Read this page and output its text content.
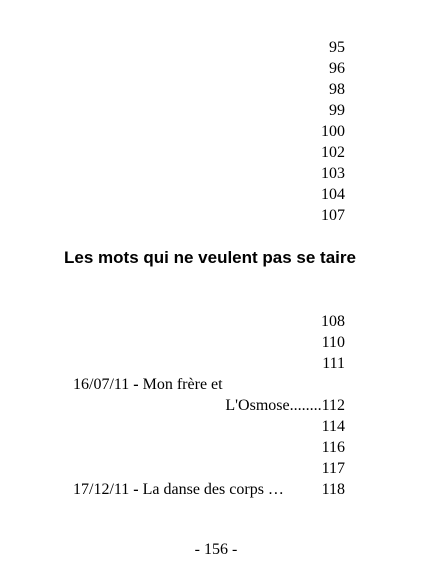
95
96
98
99
100
102
103
104
107
Les mots qui ne veulent pas se taire
108
110
111
16/07/11 - Mon frère et
L'Osmose........112
114
116
117
118
17/12/11 - La danse des corps …
- 156 -
